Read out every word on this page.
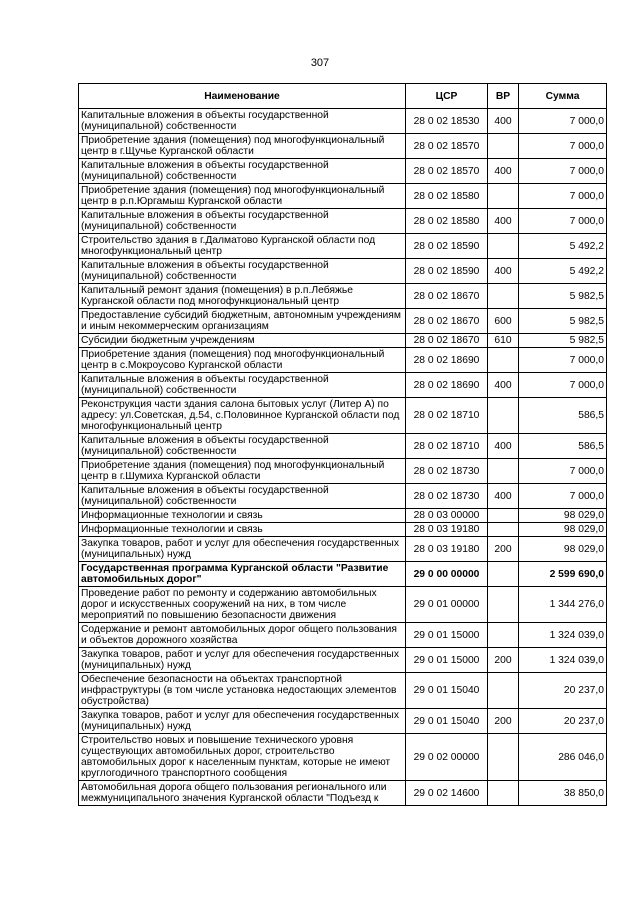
307
Наименование	ЦСР	ВР	Сумма
Капитальные вложения в объекты государственной (муниципальной) собственности	28 0 02 18530	400	7 000,0
Приобретение здания (помещения) под многофункциональный центр в г.Щучье Курганской области	28 0 02 18570		7 000,0
Капитальные вложения в объекты государственной (муниципальной) собственности	28 0 02 18570	400	7 000,0
Приобретение здания (помещения) под многофункциональный центр в р.п.Юргамыш Курганской области	28 0 02 18580		7 000,0
Капитальные вложения в объекты государственной (муниципальной) собственности	28 0 02 18580	400	7 000,0
Строительство здания в г.Далматово Курганской области под многофункциональный центр	28 0 02 18590		5 492,2
Капитальные вложения в объекты государственной (муниципальной) собственности	28 0 02 18590	400	5 492,2
Капитальный ремонт здания (помещения) в р.п.Лебяжье Курганской области под многофункциональный центр	28 0 02 18670		5 982,5
Предоставление субсидий бюджетным, автономным учреждениям и иным некоммерческим организациям	28 0 02 18670	600	5 982,5
Субсидии бюджетным учреждениям	28 0 02 18670	610	5 982,5
Приобретение здания (помещения) под многофункциональный центр в с.Мокроусово Курганской области	28 0 02 18690		7 000,0
Капитальные вложения в объекты государственной (муниципальной) собственности	28 0 02 18690	400	7 000,0
Реконструкция части здания салона бытовых услуг (Литер А) по адресу: ул.Советская, д.54, с.Половинное Курганской области под многофункциональный центр	28 0 02 18710		586,5
Капитальные вложения в объекты государственной (муниципальной) собственности	28 0 02 18710	400	586,5
Приобретение здания (помещения) под многофункциональный центр в г.Шумиха Курганской области	28 0 02 18730		7 000,0
Капитальные вложения в объекты государственной (муниципальной) собственности	28 0 02 18730	400	7 000,0
Информационные технологии и связь	28 0 03 00000		98 029,0
Информационные технологии и связь	28 0 03 19180		98 029,0
Закупка товаров, работ и услуг для обеспечения государственных (муниципальных) нужд	28 0 03 19180	200	98 029,0
Государственная программа Курганской области "Развитие автомобильных дорог"	29 0 00 00000		2 599 690,0
Проведение работ по ремонту и содержанию автомобильных дорог и искусственных сооружений на них, в том числе мероприятий по повышению безопасности движения	29 0 01 00000		1 344 276,0
Содержание и ремонт автомобильных дорог общего пользования и объектов дорожного хозяйства	29 0 01 15000		1 324 039,0
Закупка товаров, работ и услуг для обеспечения государственных (муниципальных) нужд	29 0 01 15000	200	1 324 039,0
Обеспечение безопасности на объектах транспортной инфраструктуры (в том числе установка недостающих элементов обустройства)	29 0 01 15040		20 237,0
Закупка товаров, работ и услуг для обеспечения государственных (муниципальных) нужд	29 0 01 15040	200	20 237,0
Строительство новых и повышение технического уровня существующих автомобильных дорог, строительство автомобильных дорог к населенным пунктам, которые не имеют круглогодичного транспортного сообщения	29 0 02 00000		286 046,0
Автомобильная дорога общего пользования регионального или межмуниципального значения Курганской области "Подъезд к	29 0 02 14600		38 850,0
